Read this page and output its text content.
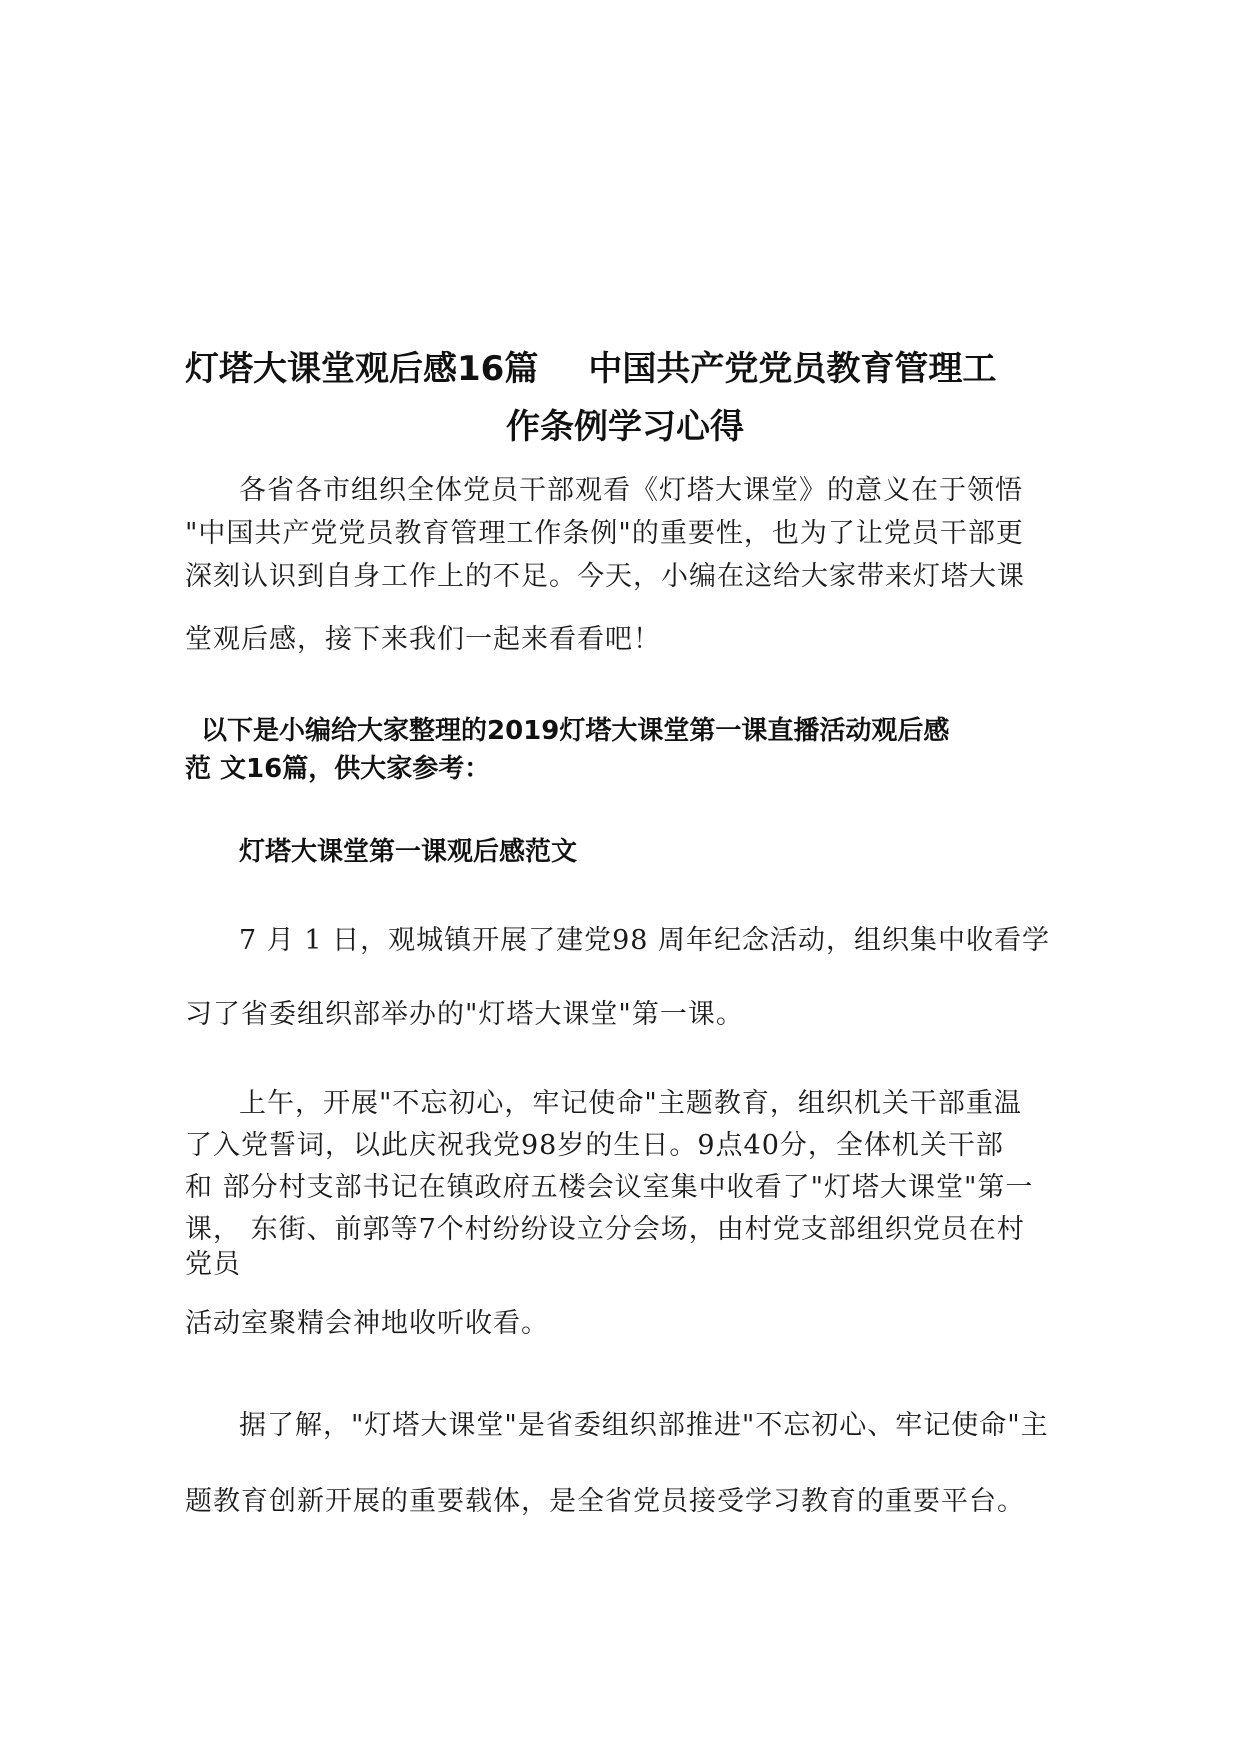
灯塔大课堂观后感16篇 中国共产党党员教育管理工
作条例学习心得
各省各市组织全体党员干部观看《灯塔大课堂》的意义在于领悟
"中国共产党党员教育管理工作条例"的重要性，也为了让党员干部更
深刻认识到自身工作上的不足。今天，小编在这给大家带来灯塔大课
堂观后感，接下来我们一起来看看吧！
以下是小编给大家整理的2019灯塔大课堂第一课直播活动观后感
范 文16篇，供大家参考：
灯塔大课堂第一课观后感范文
7 月 1 日，观城镇开展了建党98 周年纪念活动，组织集中收看学
习了省委组织部举办的"灯塔大课堂"第一课。
上午，开展"不忘初心，牢记使命"主题教育，组织机关干部重温
了入党誓词，以此庆祝我党98岁的生日。9点40分，全体机关干部
和 部分村支部书记在镇政府五楼会议室集中收看了"灯塔大课堂"第一
课， 东街、前郭等7个村纷纷设立分会场，由村党支部组织党员在村
党员
活动室聚精会神地收听收看。
据了解，"灯塔大课堂"是省委组织部推进"不忘初心、牢记使命"主
题教育创新开展的重要载体，是全省党员接受学习教育的重要平台。
